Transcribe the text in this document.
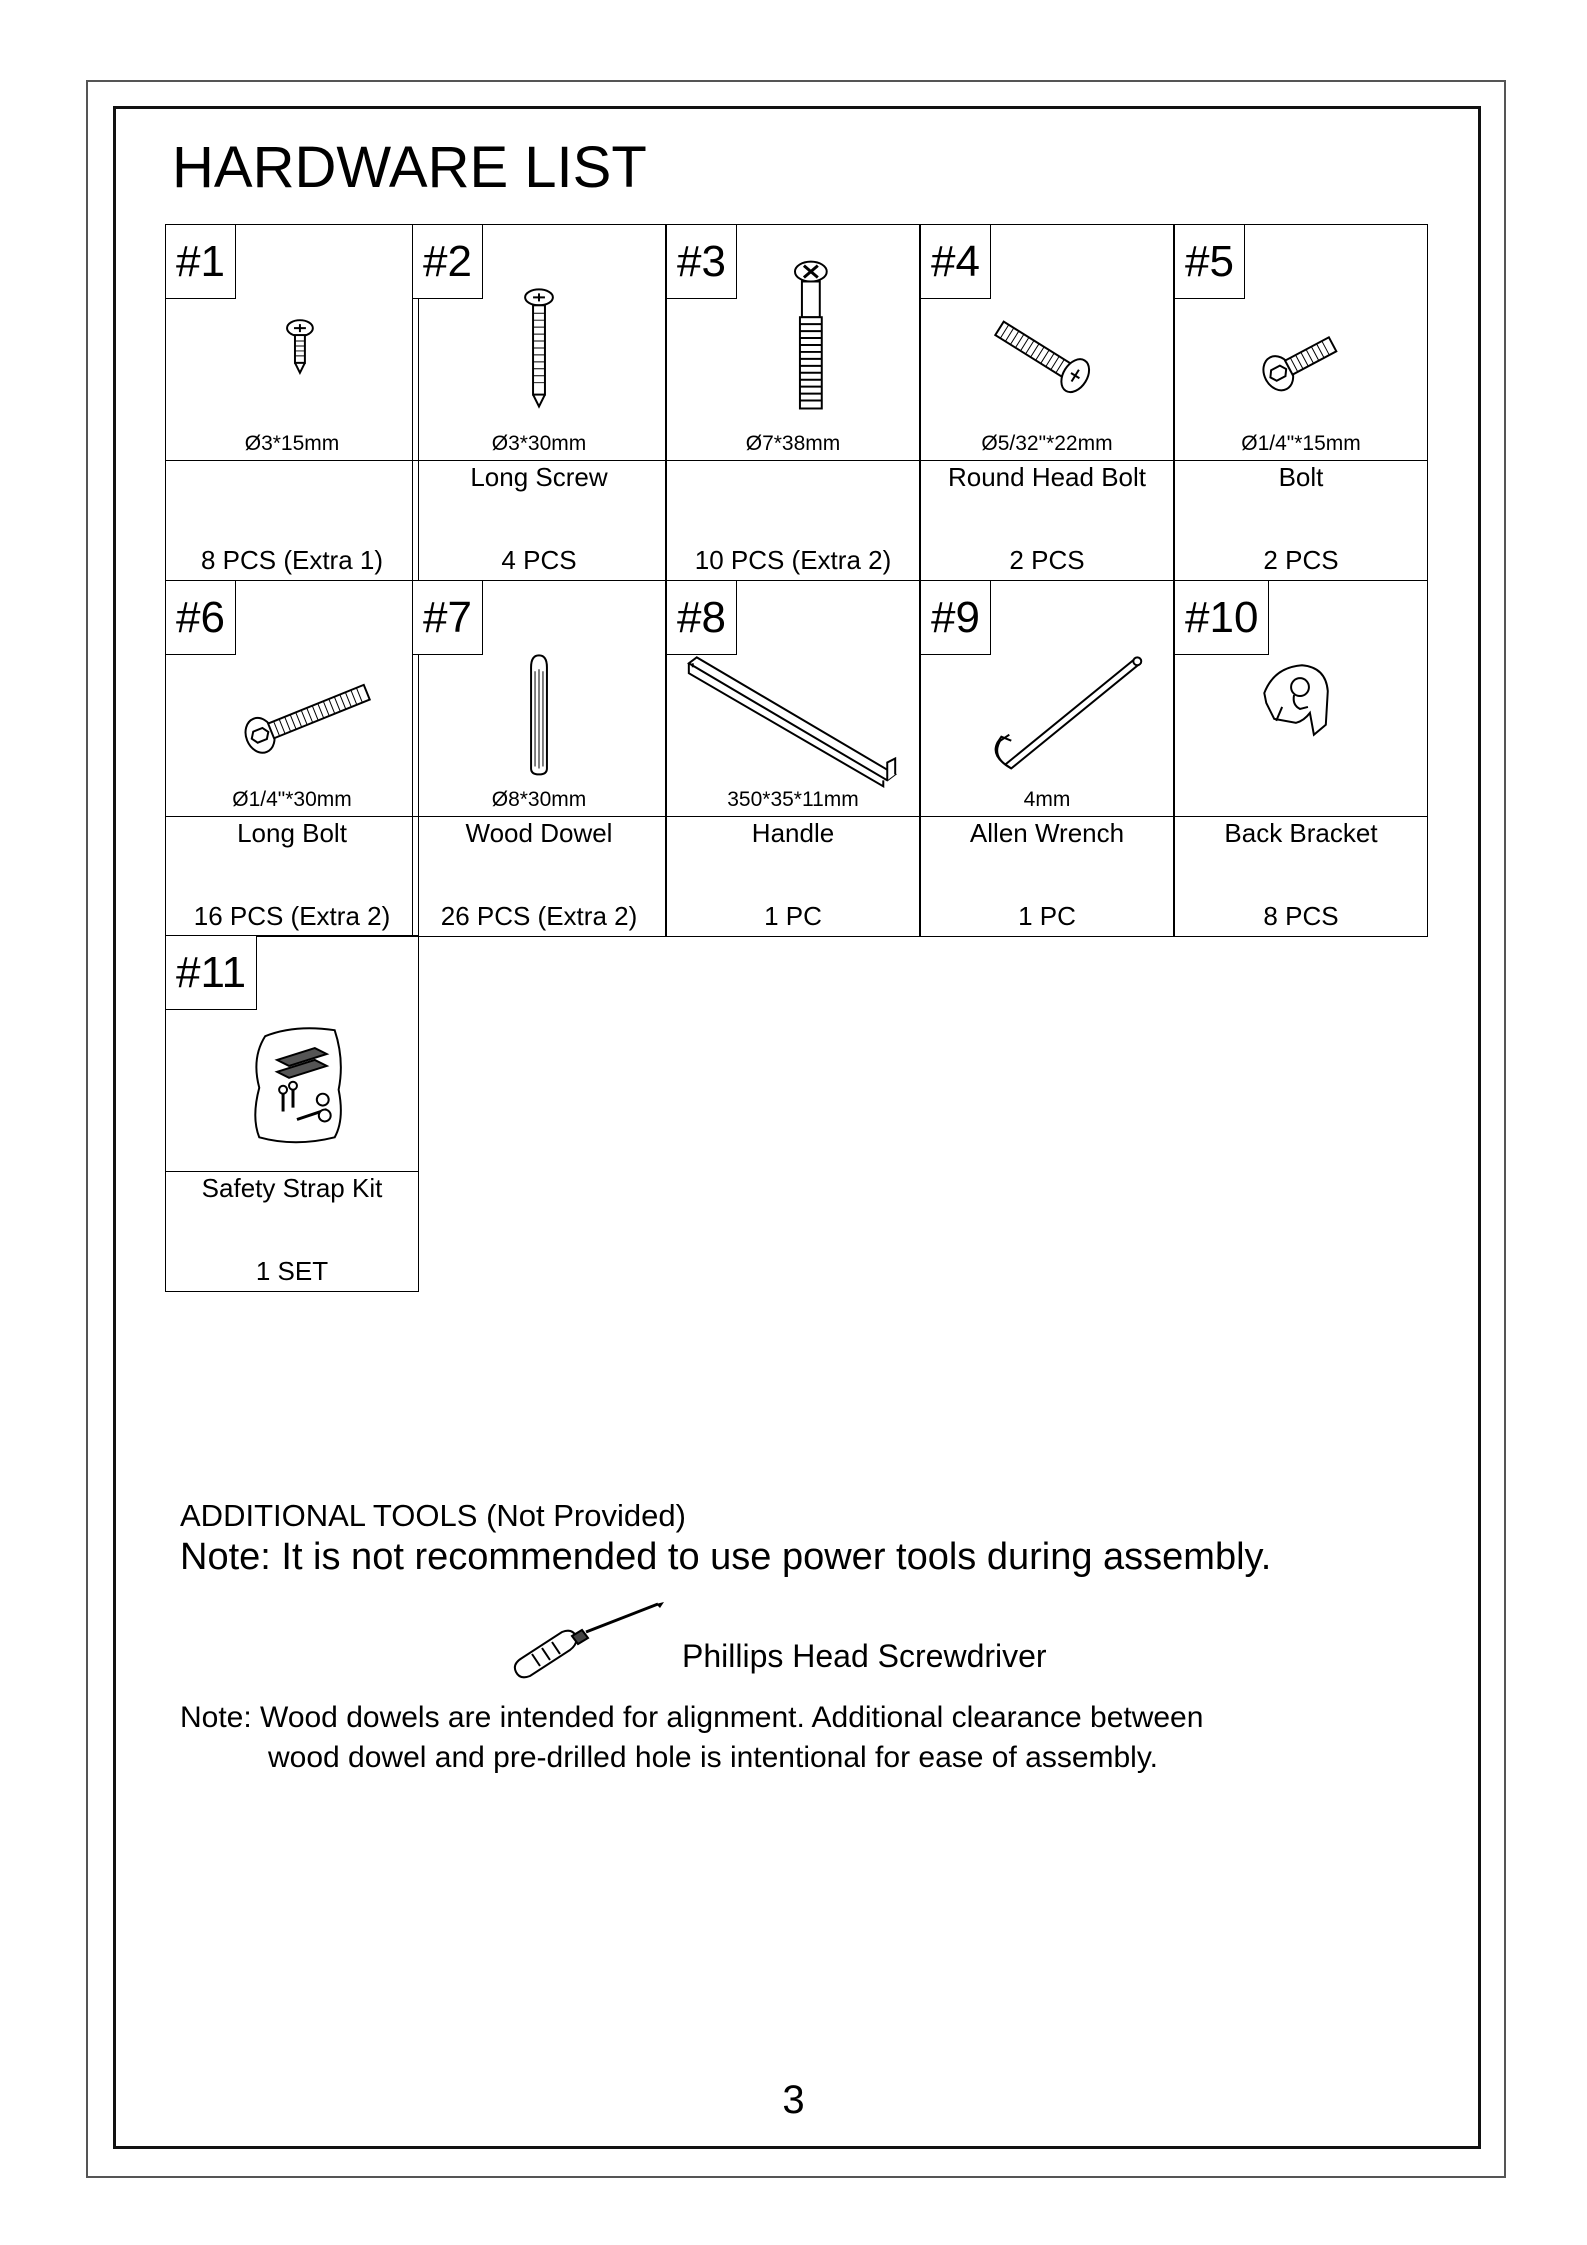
HARDWARE LIST
#1
Ø3*15mm
8 PCS (Extra 1)
#2
Ø3*30mm
Long Screw
4 PCS
#3
Ø7*38mm
10 PCS (Extra 2)
#4
Ø5/32"*22mm
Round Head Bolt
2 PCS
#5
Ø1/4"*15mm
Bolt
2 PCS
#6
Ø1/4"*30mm
Long Bolt
16 PCS (Extra 2)
#7
Ø8*30mm
Wood Dowel
26 PCS (Extra 2)
#8
350*35*11mm
Handle
1 PC
#9
4mm
Allen Wrench
1 PC
#10
Back Bracket
8 PCS
#11
Safety Strap Kit
1 SET
ADDITIONAL TOOLS (Not Provided)
Note: It is not recommended to use power tools during assembly.
Phillips Head Screwdriver
Note: Wood dowels are intended for alignment. Additional clearance between
wood dowel and pre-drilled hole is intentional for ease of assembly.
3
